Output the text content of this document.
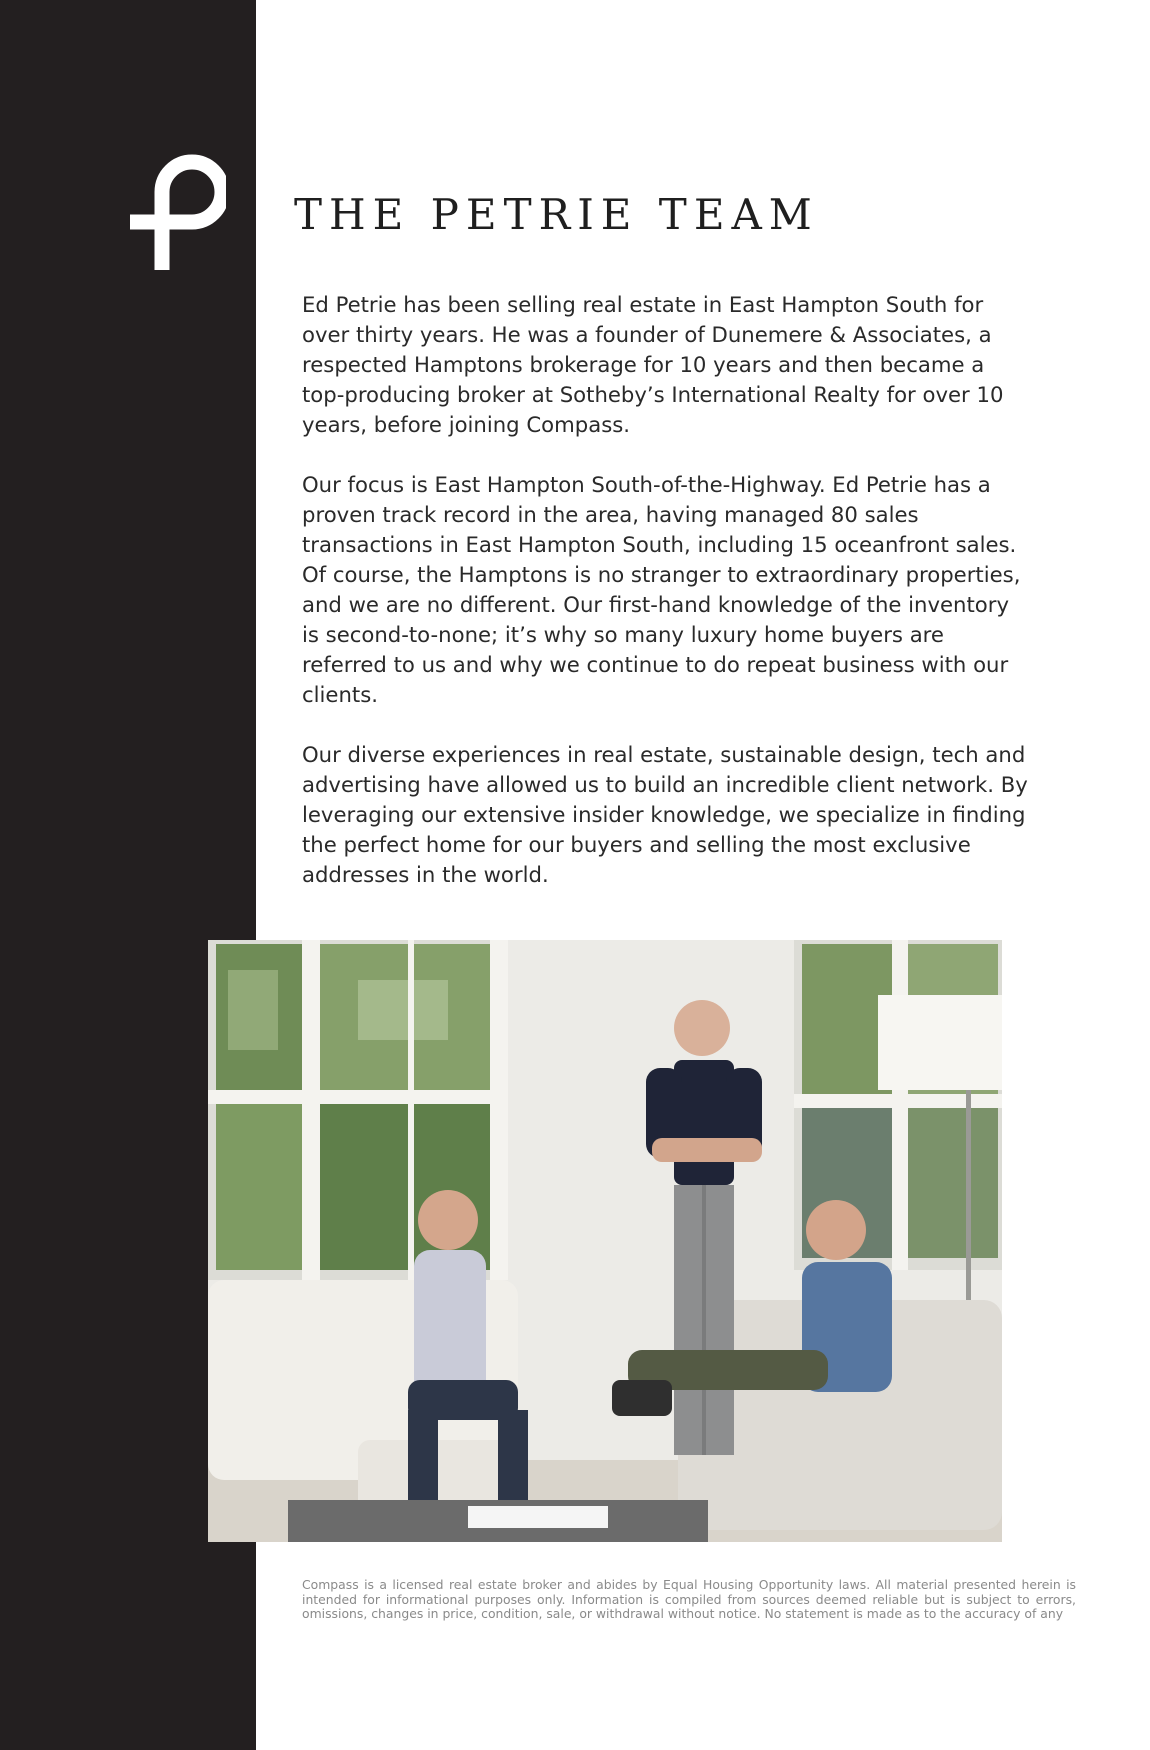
THE PETRIE TEAM

Ed Petrie has been selling real estate in East Hampton South for over thirty years. He was a founder of Dunemere & Associates, a respected Hamptons brokerage for 10 years and then became a top-producing broker at Sotheby’s International Realty for over 10 years, before joining Compass.

Our focus is East Hampton South-of-the-Highway. Ed Petrie has a proven track record in the area, having managed 80 sales transactions in East Hampton South, including 15 oceanfront sales. Of course, the Hamptons is no stranger to extraordinary properties, and we are no different. Our first-hand knowledge of the inventory is second-to-none; it’s why so many luxury home buyers are referred to us and why we continue to do repeat business with our clients.

Our diverse experiences in real estate, sustainable design, tech and advertising have allowed us to build an incredible client network. By leveraging our extensive insider knowledge, we specialize in finding the perfect home for our buyers and selling the most exclusive addresses in the world.

Compass is a licensed real estate broker and abides by Equal Housing Opportunity laws. All material presented herein is intended for informational purposes only. Information is compiled from sources deemed reliable but is subject to errors, omissions, changes in price, condition, sale, or withdrawal without notice. No statement is made as to the accuracy of any
